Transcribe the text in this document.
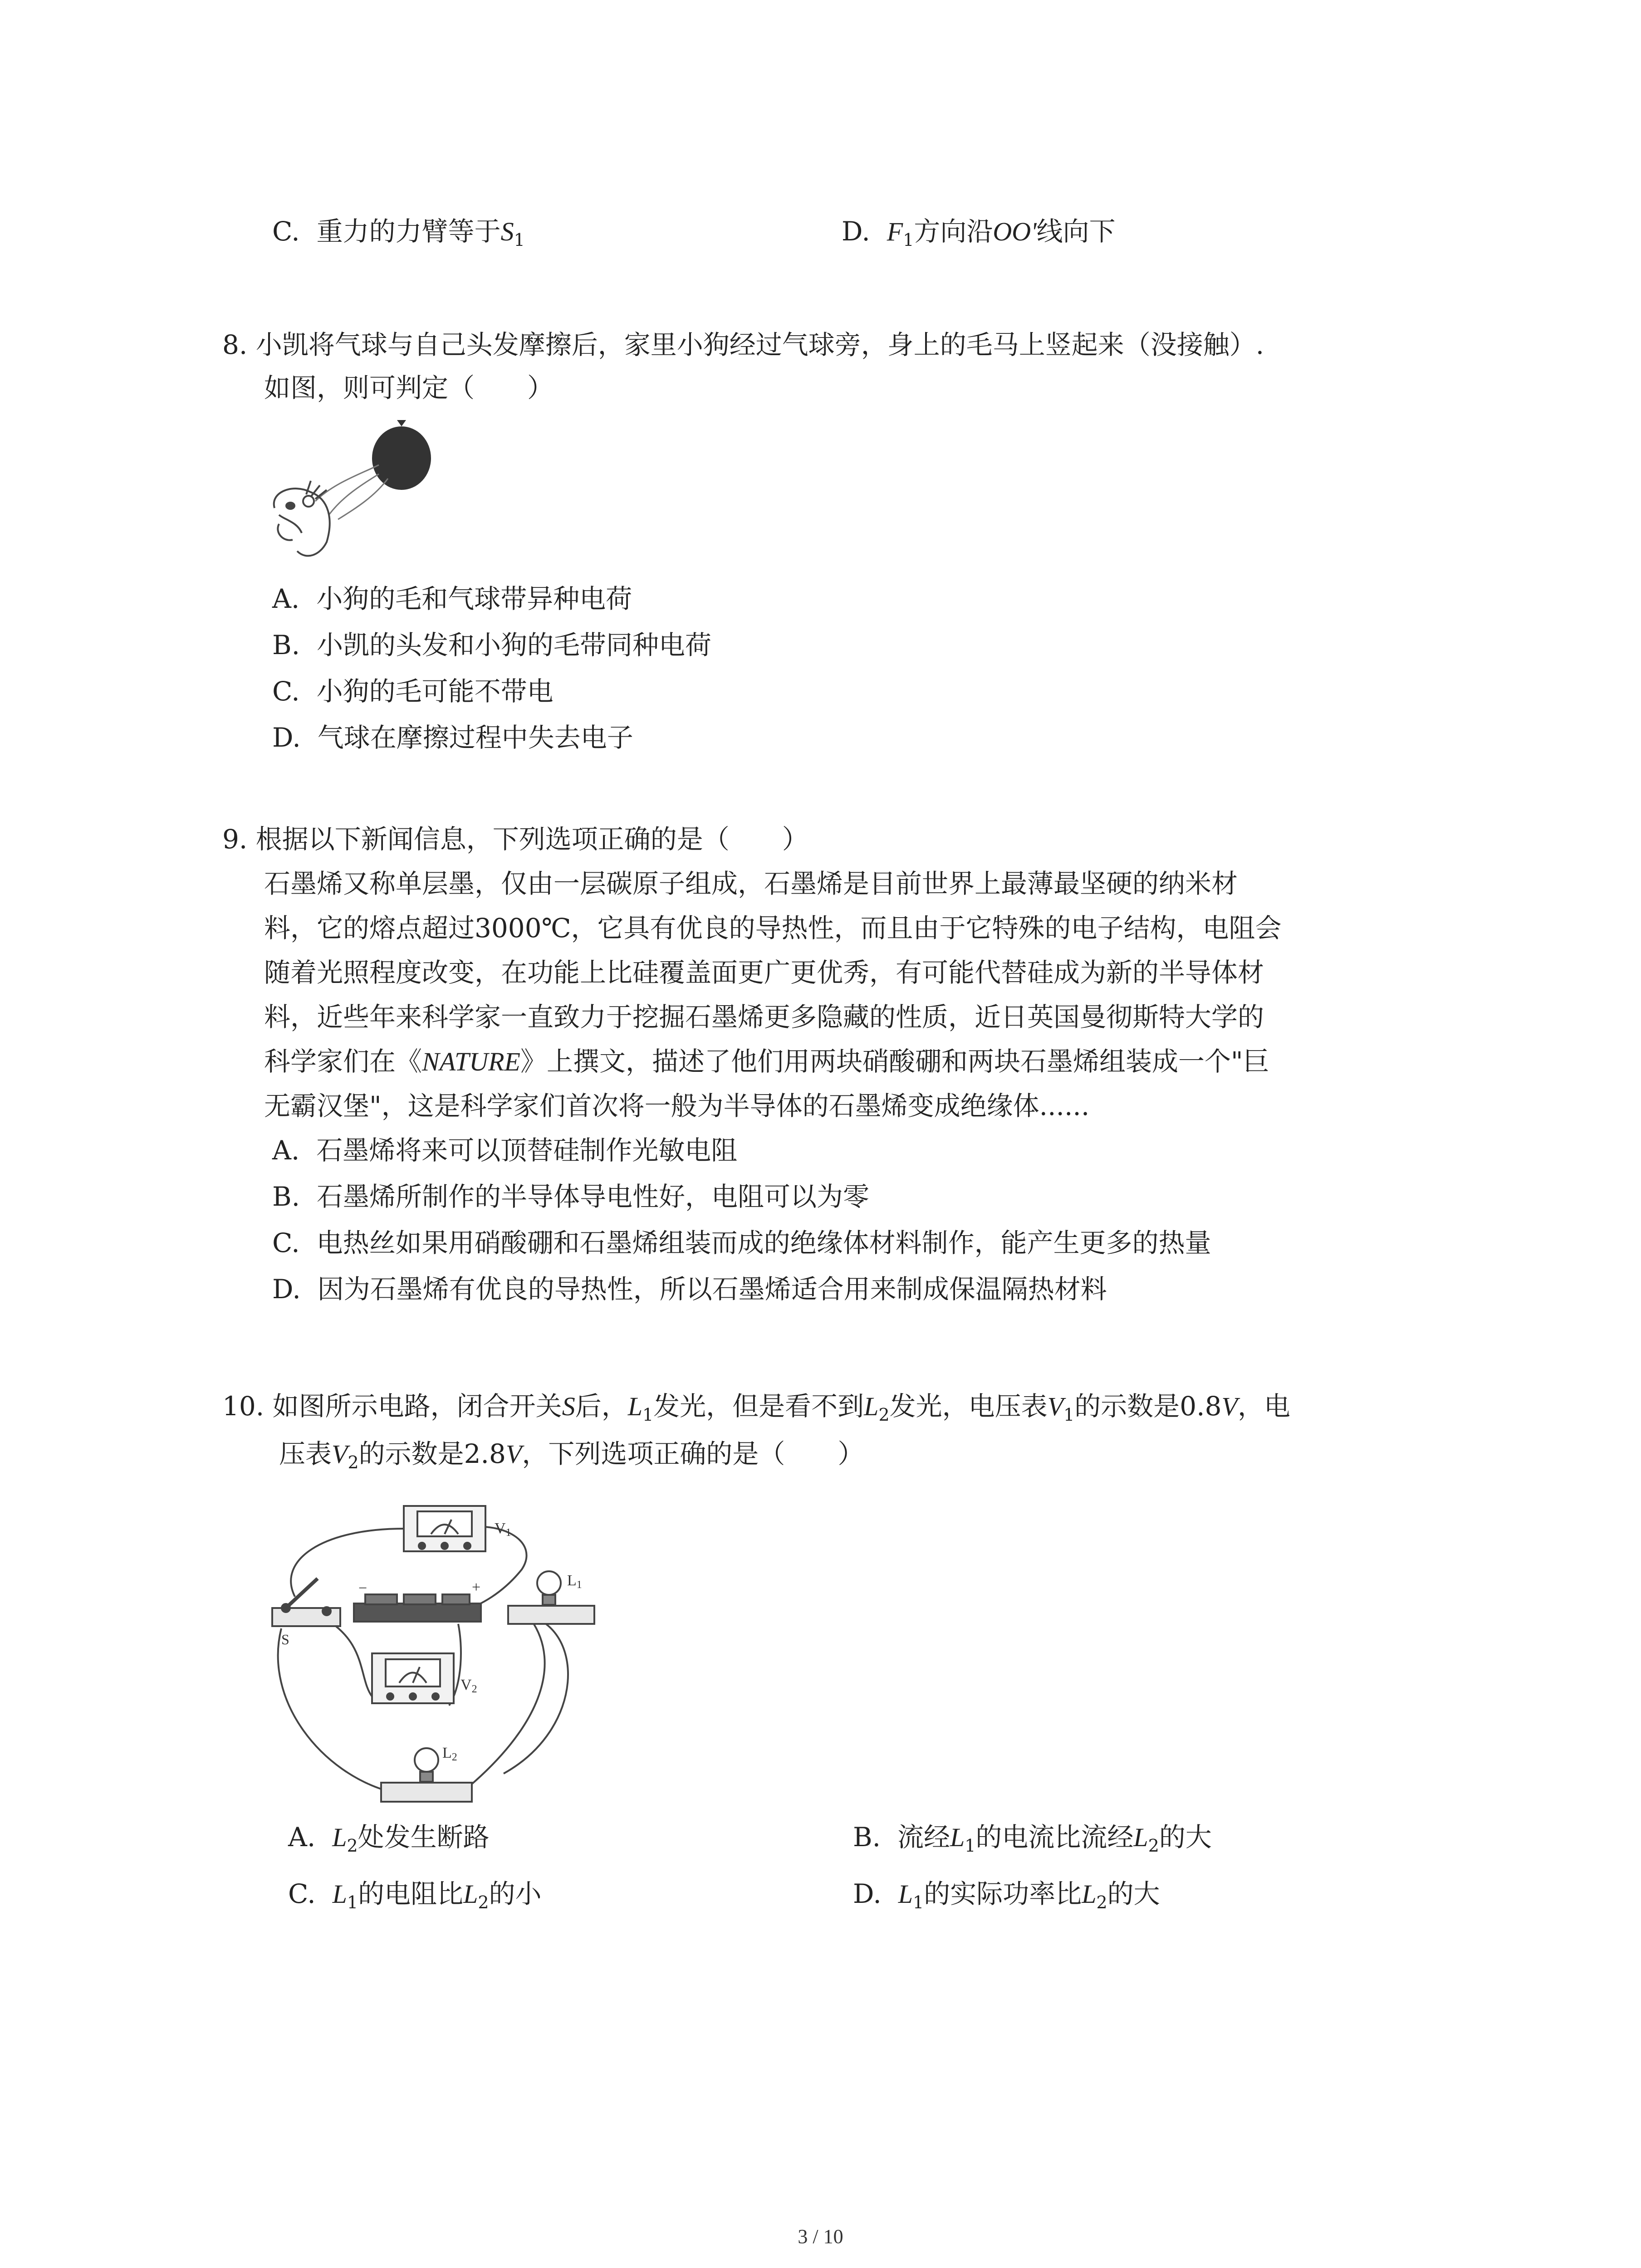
C. 重力的力臂等于$S_1$	D. $F_1$方向沿OO'线向下
8. 小凯将气球与自己头发摩擦后，家里小狗经过气球旁，身上的毛马上竖起来（没接触）.
如图，则可判定（　　）
A. 小狗的毛和气球带异种电荷
B. 小凯的头发和小狗的毛带同种电荷
C. 小狗的毛可能不带电
D. 气球在摩擦过程中失去电子
9. 根据以下新闻信息，下列选项正确的是（　　）
石墨烯又称单层墨，仅由一层碳原子组成，石墨烯是目前世界上最薄最坚硬的纳米材
料，它的熔点超过3000℃，它具有优良的导热性，而且由于它特殊的电子结构，电阻会
随着光照程度改变，在功能上比硅覆盖面更广更优秀，有可能代替硅成为新的半导体材
料，近些年来科学家一直致力于挖掘石墨烯更多隐藏的性质，近日英国曼彻斯特大学的
科学家们在《NATURE》上撰文，描述了他们用两块硝酸硼和两块石墨烯组装成一个"巨
无霸汉堡"，这是科学家们首次将一般为半导体的石墨烯变成绝缘体......
A. 石墨烯将来可以顶替硅制作光敏电阻
B. 石墨烯所制作的半导体导电性好，电阻可以为零
C. 电热丝如果用硝酸硼和石墨烯组装而成的绝缘体材料制作，能产生更多的热量
D. 因为石墨烯有优良的导热性，所以石墨烯适合用来制成保温隔热材料
10. 如图所示电路，闭合开关S后，$L_1$发光，但是看不到$L_2$发光，电压表$V_1$的示数是0.8V，电
压表$V_2$的示数是2.8V，下列选项正确的是（　　）
V1
S
−	+	L1
V2
L2
A. $L_2$处发生断路	B. 流经$L_1$的电流比流经$L_2$的大
C. $L_1$的电阻比$L_2$的小	D. $L_1$的实际功率比$L_2$的大
3 / 10
